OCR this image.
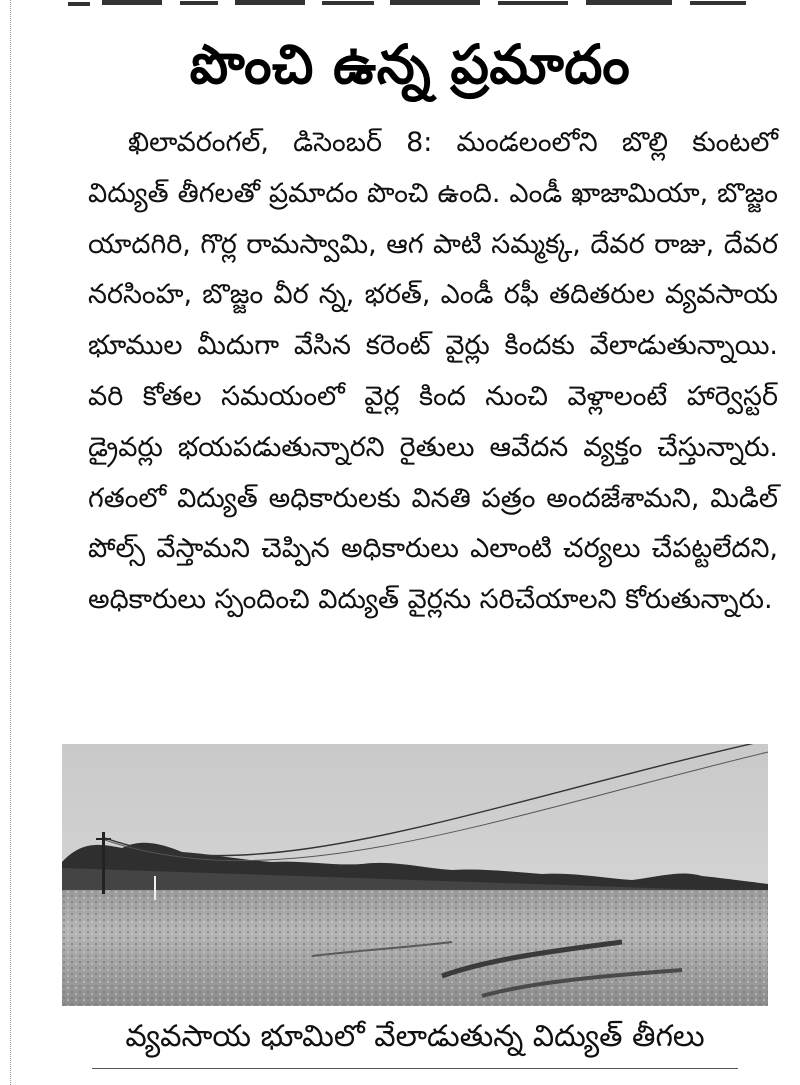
పొంచి ఉన్న ప్రమాదం
ఖిలావరంగల్, డిసెంబర్ 8: మండలంలోని బొల్లి కుంటలో విద్యుత్ తీగలతో ప్రమాదం పొంచి ఉంది. ఎండీ ఖాజామియా, బొజ్జం యాదగిరి, గొర్ల రామస్వామి, ఆగ పాటి సమ్మక్క, దేవర రాజు, దేవర నరసింహ, బొజ్జం వీర న్న, భరత్, ఎండీ రఫీ తదితరుల వ్యవసాయ భూముల మీదుగా వేసిన కరెంట్ వైర్లు కిందకు వేలాడుతున్నాయి. వరి కోతల సమయంలో వైర్ల కింద నుంచి వెళ్లాలంటే హార్వెస్టర్ డ్రైవర్లు భయపడుతున్నారని రైతులు ఆవేదన వ్యక్తం చేస్తున్నారు. గతంలో విద్యుత్ అధికారులకు వినతి పత్రం అందజేశామని, మిడిల్ పోల్స్ వేస్తామని చెప్పిన అధికారులు ఎలాంటి చర్యలు చేపట్టలేదని, అధికారులు స్పందించి విద్యుత్ వైర్లను సరిచేయాలని కోరుతున్నారు.
వ్యవసాయ భూమిలో వేలాడుతున్న విద్యుత్ తీగలు
